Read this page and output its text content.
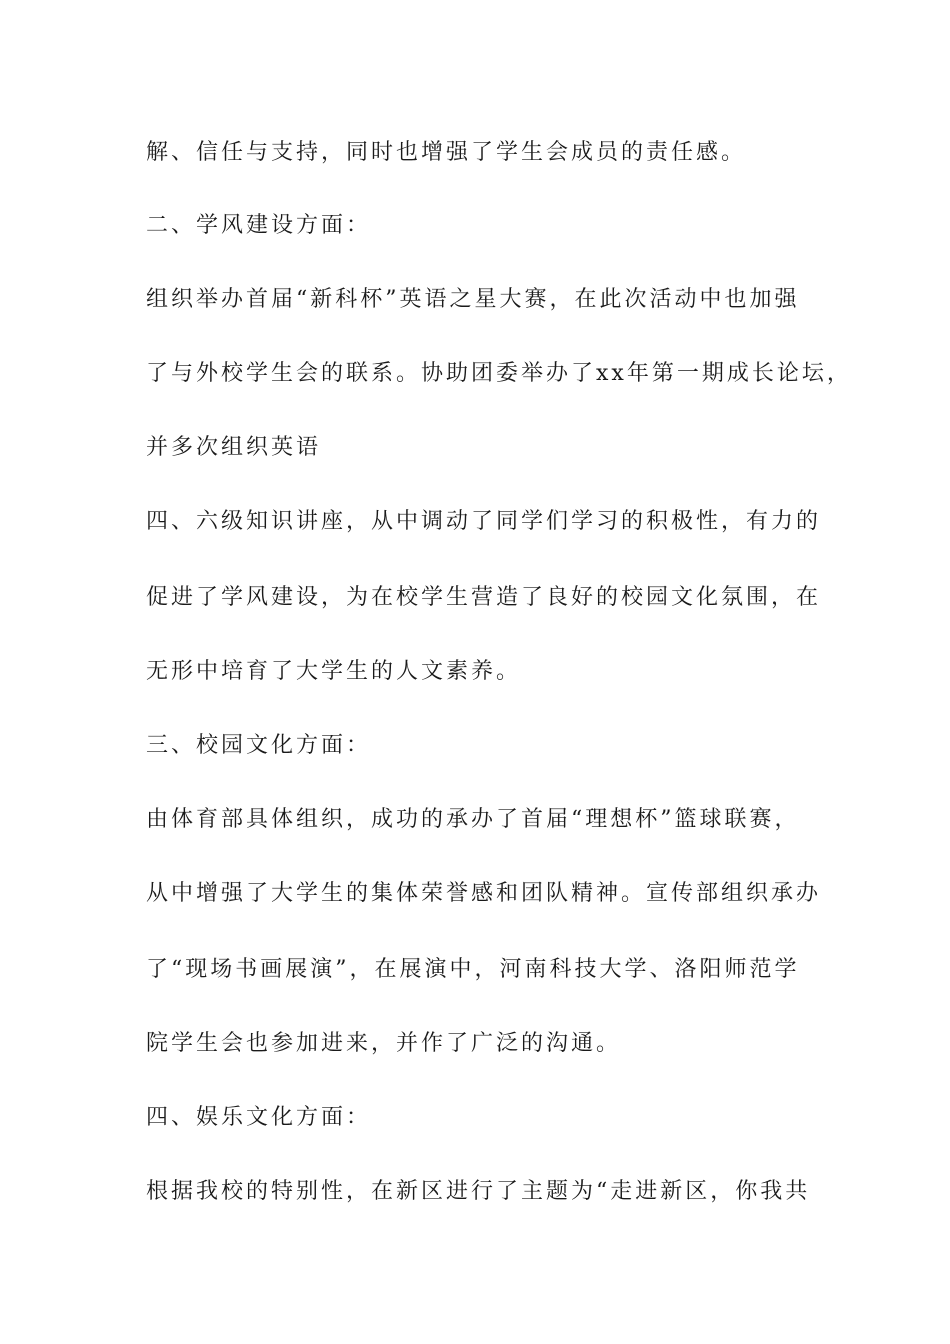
解、信任与支持，同时也增强了学生会成员的责任感。
二、学风建设方面：
组织举办首届“新科杯”英语之星大赛，在此次活动中也加强
了与外校学生会的联系。协助团委举办了xx年第一期成长论坛，
并多次组织英语
四、六级知识讲座，从中调动了同学们学习的积极性，有力的
促进了学风建设，为在校学生营造了良好的校园文化氛围，在
无形中培育了大学生的人文素养。
三、校园文化方面：
由体育部具体组织，成功的承办了首届“理想杯”篮球联赛，
从中增强了大学生的集体荣誉感和团队精神。宣传部组织承办
了“现场书画展演”，在展演中，河南科技大学、洛阳师范学
院学生会也参加进来，并作了广泛的沟通。
四、娱乐文化方面：
根据我校的特别性，在新区进行了主题为“走进新区，你我共
